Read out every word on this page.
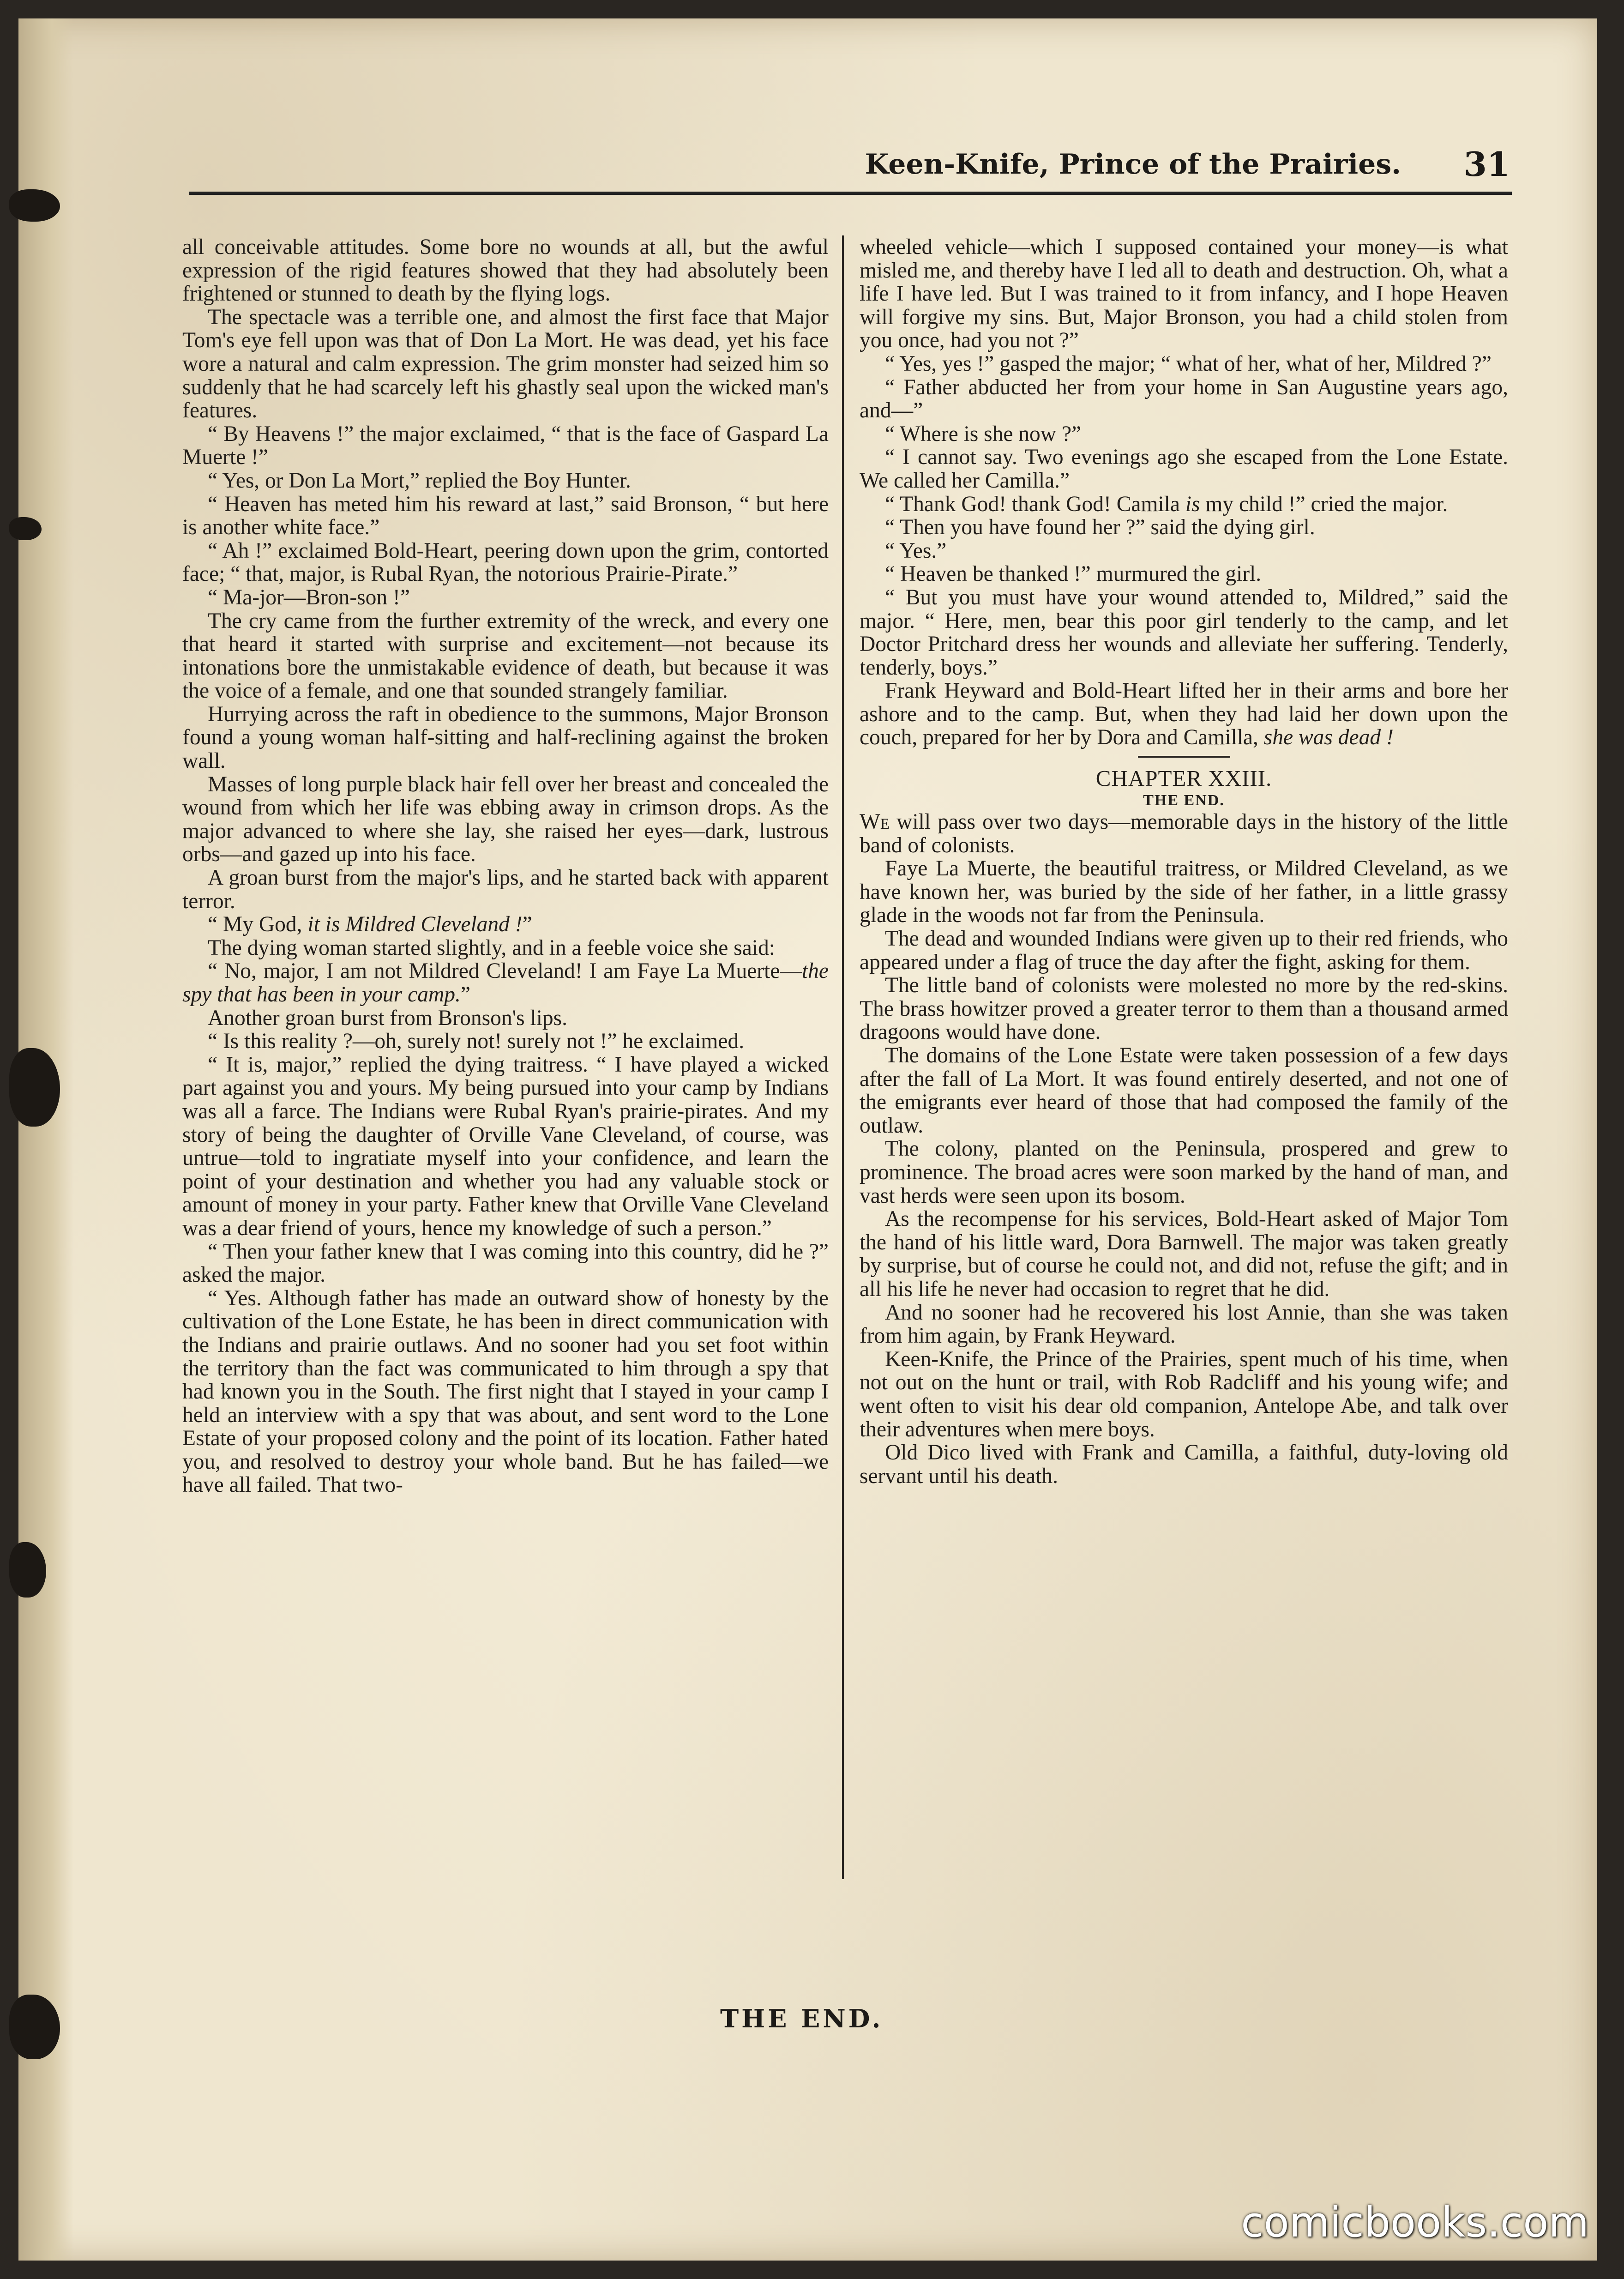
Keen-Knife, Prince of the Prairies. 31

all conceivable attitudes. Some bore no wounds at all, but the awful expression of the rigid features showed that they had absolutely been frightened or stunned to death by the flying logs.

The spectacle was a terrible one, and almost the first face that Major Tom's eye fell upon was that of Don La Mort. He was dead, yet his face wore a natural and calm expression. The grim monster had seized him so suddenly that he had scarcely left his ghastly seal upon the wicked man's features.

“ By Heavens !” the major exclaimed, “ that is the face of Gaspard La Muerte !”

“ Yes, or Don La Mort,” replied the Boy Hunter.

“ Heaven has meted him his reward at last,” said Bronson, “ but here is another white face.”

“ Ah !” exclaimed Bold-Heart, peering down upon the grim, contorted face; “ that, major, is Rubal Ryan, the notorious Prairie-Pirate.”

“ Ma-jor—Bron-son !”

The cry came from the further extremity of the wreck, and every one that heard it started with surprise and excitement—not because its intonations bore the unmistakable evidence of death, but because it was the voice of a female, and one that sounded strangely familiar.

Hurrying across the raft in obedience to the summons, Major Bronson found a young woman half-sitting and half-reclining against the broken wall.

Masses of long purple black hair fell over her breast and concealed the wound from which her life was ebbing away in crimson drops. As the major advanced to where she lay, she raised her eyes—dark, lustrous orbs—and gazed up into his face.

A groan burst from the major's lips, and he started back with apparent terror.

“ My God, it is Mildred Cleveland !”

The dying woman started slightly, and in a feeble voice she said:

“ No, major, I am not Mildred Cleveland! I am Faye La Muerte—the spy that has been in your camp.”

Another groan burst from Bronson's lips.

“ Is this reality ?—oh, surely not! surely not !” he exclaimed.

“ It is, major,” replied the dying traitress. “ I have played a wicked part against you and yours. My being pursued into your camp by Indians was all a farce. The Indians were Rubal Ryan's prairie-pirates. And my story of being the daughter of Orville Vane Cleveland, of course, was untrue—told to ingratiate myself into your confidence, and learn the point of your destination and whether you had any valuable stock or amount of money in your party. Father knew that Orville Vane Cleveland was a dear friend of yours, hence my knowledge of such a person.”

“ Then your father knew that I was coming into this country, did he ?” asked the major.

“ Yes. Although father has made an outward show of honesty by the cultivation of the Lone Estate, he has been in direct communication with the Indians and prairie outlaws. And no sooner had you set foot within the territory than the fact was communicated to him through a spy that had known you in the South. The first night that I stayed in your camp I held an interview with a spy that was about, and sent word to the Lone Estate of your proposed colony and the point of its location. Father hated you, and resolved to destroy your whole band. But he has failed—we have all failed. That two-

wheeled vehicle—which I supposed contained your money—is what misled me, and thereby have I led all to death and destruction. Oh, what a life I have led. But I was trained to it from infancy, and I hope Heaven will forgive my sins. But, Major Bronson, you had a child stolen from you once, had you not ?”

“ Yes, yes !” gasped the major; “ what of her, what of her, Mildred ?”

“ Father abducted her from your home in San Augustine years ago, and—”

“ Where is she now ?”

“ I cannot say. Two evenings ago she escaped from the Lone Estate. We called her Camilla.”

“ Thank God! thank God! Camila is my child !” cried the major.

“ Then you have found her ?” said the dying girl.

“ Yes.”

“ Heaven be thanked !” murmured the girl.

“ But you must have your wound attended to, Mildred,” said the major. “ Here, men, bear this poor girl tenderly to the camp, and let Doctor Pritchard dress her wounds and alleviate her suffering. Tenderly, tenderly, boys.”

Frank Heyward and Bold-Heart lifted her in their arms and bore her ashore and to the camp. But, when they had laid her down upon the couch, prepared for her by Dora and Camilla, she was dead !

CHAPTER XXIII.
THE END.

We will pass over two days—memorable days in the history of the little band of colonists.

Faye La Muerte, the beautiful traitress, or Mildred Cleveland, as we have known her, was buried by the side of her father, in a little grassy glade in the woods not far from the Peninsula.

The dead and wounded Indians were given up to their red friends, who appeared under a flag of truce the day after the fight, asking for them.

The little band of colonists were molested no more by the red-skins. The brass howitzer proved a greater terror to them than a thousand armed dragoons would have done.

The domains of the Lone Estate were taken possession of a few days after the fall of La Mort. It was found entirely deserted, and not one of the emigrants ever heard of those that had composed the family of the outlaw.

The colony, planted on the Peninsula, prospered and grew to prominence. The broad acres were soon marked by the hand of man, and vast herds were seen upon its bosom.

As the recompense for his services, Bold-Heart asked of Major Tom the hand of his little ward, Dora Barnwell. The major was taken greatly by surprise, but of course he could not, and did not, refuse the gift; and in all his life he never had occasion to regret that he did.

And no sooner had he recovered his lost Annie, than she was taken from him again, by Frank Heyward.

Keen-Knife, the Prince of the Prairies, spent much of his time, when not out on the hunt or trail, with Rob Radcliff and his young wife; and went often to visit his dear old companion, Antelope Abe, and talk over their adventures when mere boys.

Old Dico lived with Frank and Camilla, a faithful, duty-loving old servant until his death.

THE END.
comicbooks.com
